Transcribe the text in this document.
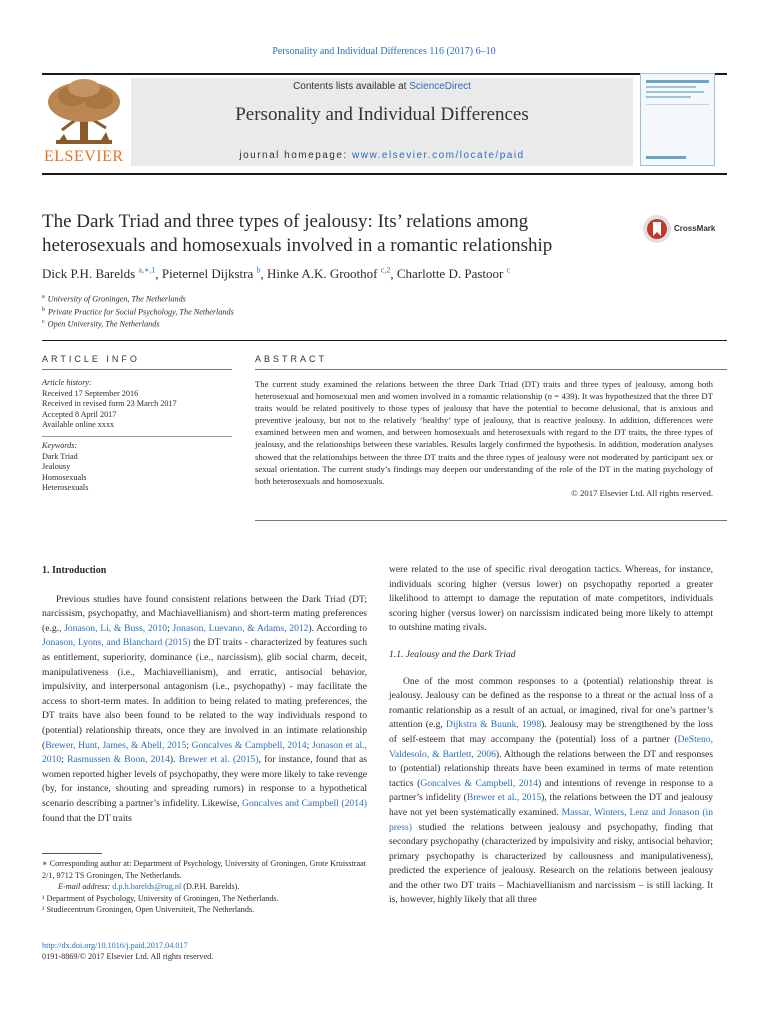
Personality and Individual Differences 116 (2017) 6–10
ELSEVIER
Contents lists available at ScienceDirect
Personality and Individual Differences
journal homepage: www.elsevier.com/locate/paid
The Dark Triad and three types of jealousy: Its’ relations among heterosexuals and homosexuals involved in a romantic relationship
CrossMark
Dick P.H. Barelds $^{a,∗,1}$, Pieternel Dijkstra $^b$, Hinke A.K. Groothof $^{c,2}$, Charlotte D. Pastoor $^c$
$^a$ University of Groningen, The Netherlands
$^b$ Private Practice for Social Psychology, The Netherlands
$^c$ Open University, The Netherlands
ARTICLE INFO
Article history:
Received 17 September 2016
Received in revised form 23 March 2017
Accepted 8 April 2017
Available online xxxx
Keywords:
Dark Triad
Jealousy
Homosexuals
Heterosexuals
ABSTRACT
The current study examined the relations between the three Dark Triad (DT) traits and three types of jealousy, among both heterosexual and homosexual men and women involved in a romantic relationship (n = 439). It was hypothesized that the three DT traits would be related positively to those types of jealousy that have the potential to become delusional, that is anxious and preventive jealousy, but not to the relatively ‘healthy’ type of jealousy, that is reactive jealousy. In addition, differences were examined between men and women, and between homosexuals and heterosexuals with regard to the DT traits, the three types of jealousy, and the relationships between these variables. Results largely confirmed the hypothesis. In addition, moderation analyses showed that the relationships between the three DT traits and the three types of jealousy were not moderated by participant sex or sexual orientation. The current study’s findings may deepen our understanding of the role of the DT in the mating psychology of both heterosexuals and homosexuals.
© 2017 Elsevier Ltd. All rights reserved.

1. Introduction

Previous studies have found consistent relations between the Dark Triad (DT; narcissism, psychopathy, and Machiavellianism) and short-term mating preferences (e.g., Jonason, Li, & Buss, 2010; Jonason, Luevano, & Adams, 2012). According to Jonason, Lyons, and Blanchard (2015) the DT traits - characterized by features such as entitlement, superiority, dominance (i.e., narcissism), glib social charm, deceit, manipulativeness (i.e., Machiavellianism), and erratic, antisocial behavior, impulsivity, and interpersonal antagonism (i.e., psychopathy) - may facilitate the access to short-term mates. In addition to being related to mating preferences, the DT traits have also been found to be related to the way individuals respond to (potential) relationship threats, once they are involved in an intimate relationship (Brewer, Hunt, James, & Abell, 2015; Goncalves & Campbell, 2014; Jonason et al., 2010; Rasmussen & Boon, 2014). Brewer et al. (2015), for instance, found that as women reported higher levels of psychopathy, they were more likely to take revenge (by, for instance, shouting and spreading rumors) in response to a hypothetical scenario describing a partner’s infidelity. Likewise, Goncalves and Campbell (2014) found that the DT traits

were related to the use of specific rival derogation tactics. Whereas, for instance, individuals scoring higher (versus lower) on psychopathy reported a greater likelihood to attempt to damage the reputation of mate competitors, individuals scoring higher (versus lower) on narcissism indicated being more likely to attempt to outshine mating rivals.

1.1. Jealousy and the Dark Triad

One of the most common responses to a (potential) relationship threat is jealousy. Jealousy can be defined as the response to a threat or the actual loss of a romantic relationship as a result of an actual, or imagined, rival for one’s partner’s attention (e.g, Dijkstra & Buunk, 1998). Jealousy may be strengthened by the loss of self-esteem that may accompany the (potential) loss of a partner (DeSteno, Valdesolo, & Bartlett, 2006). Although the relations between the DT and responses to (potential) relationship threats have been examined in terms of mate retention tactics (Goncalves & Campbell, 2014) and intentions of revenge in response to a partner’s infidelity (Brewer et al., 2015), the relations between the DT and jealousy have not yet been systematically examined. Massar, Winters, Lenz and Jonason (in press) studied the relations between jealousy and psychopathy, finding that secondary psychopathy (characterized by impulsivity and risky, antisocial behavior; primary psychopathy is characterized by callousness and manipulativeness), predicted the experience of jealousy. Research on the relations between jealousy and the other two DT traits – Machiavellianism and narcissism – is still lacking. It is, however, highly likely that all three

∗ Corresponding author at: Department of Psychology, University of Groningen, Grote Kruisstraat 2/1, 9712 TS Groningen, The Netherlands.
E-mail address: d.p.h.barelds@rug.nl (D.P.H. Barelds).
¹ Department of Psychology, University of Groningen, The Netherlands.
² Studiecentrum Groningen, Open Universiteit, The Netherlands.
http://dx.doi.org/10.1016/j.paid.2017.04.017
0191-8869/© 2017 Elsevier Ltd. All rights reserved.
